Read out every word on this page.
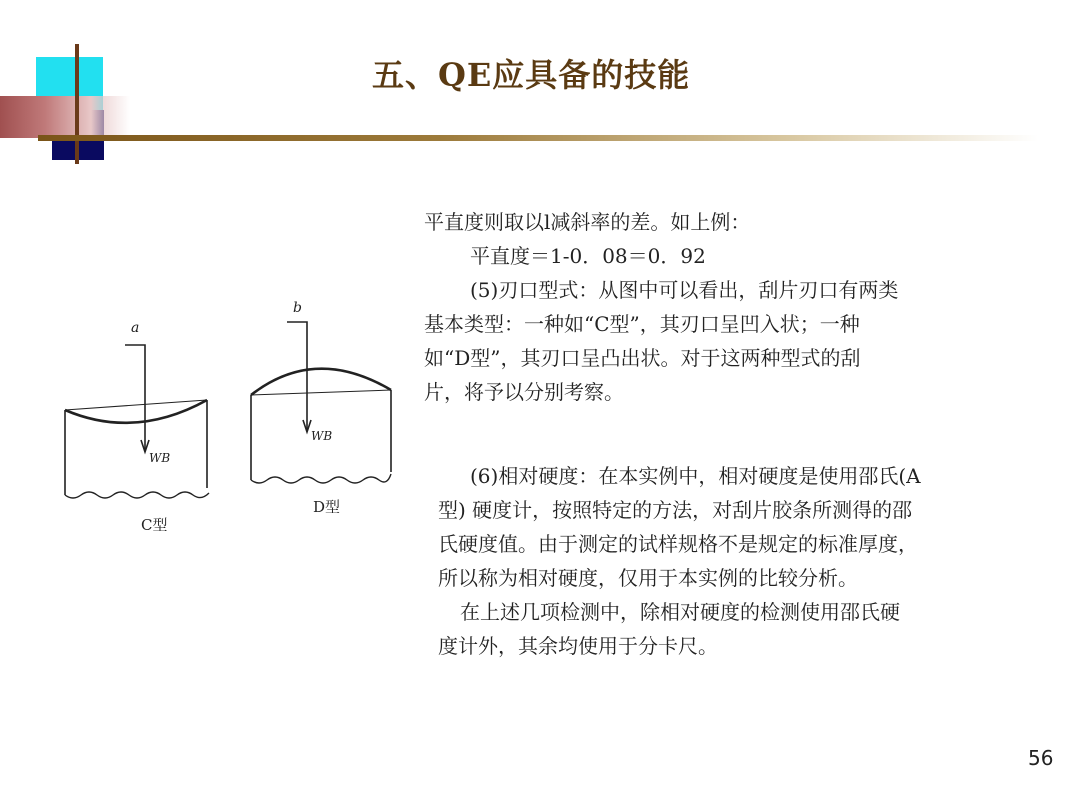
五、QE应具备的技能
a
WB
C型
b
WB
D型
平直度则取以l减斜率的差。如上例：
平直度＝1-0．08＝0．92
(5)刃口型式：从图中可以看出，刮片刃口有两类
基本类型：一种如“C型”，其刃口呈凹入状；一种
如“D型”，其刃口呈凸出状。对于这两种型式的刮
片，将予以分别考察。
(6)相对硬度：在本实例中，相对硬度是使用邵氏(A
型) 硬度计，按照特定的方法，对刮片胶条所测得的邵
氏硬度值。由于测定的试样规格不是规定的标准厚度，
所以称为相对硬度，仅用于本实例的比较分析。
在上述几项检测中，除相对硬度的检测使用邵氏硬
度计外，其余均使用于分卡尺。
56
